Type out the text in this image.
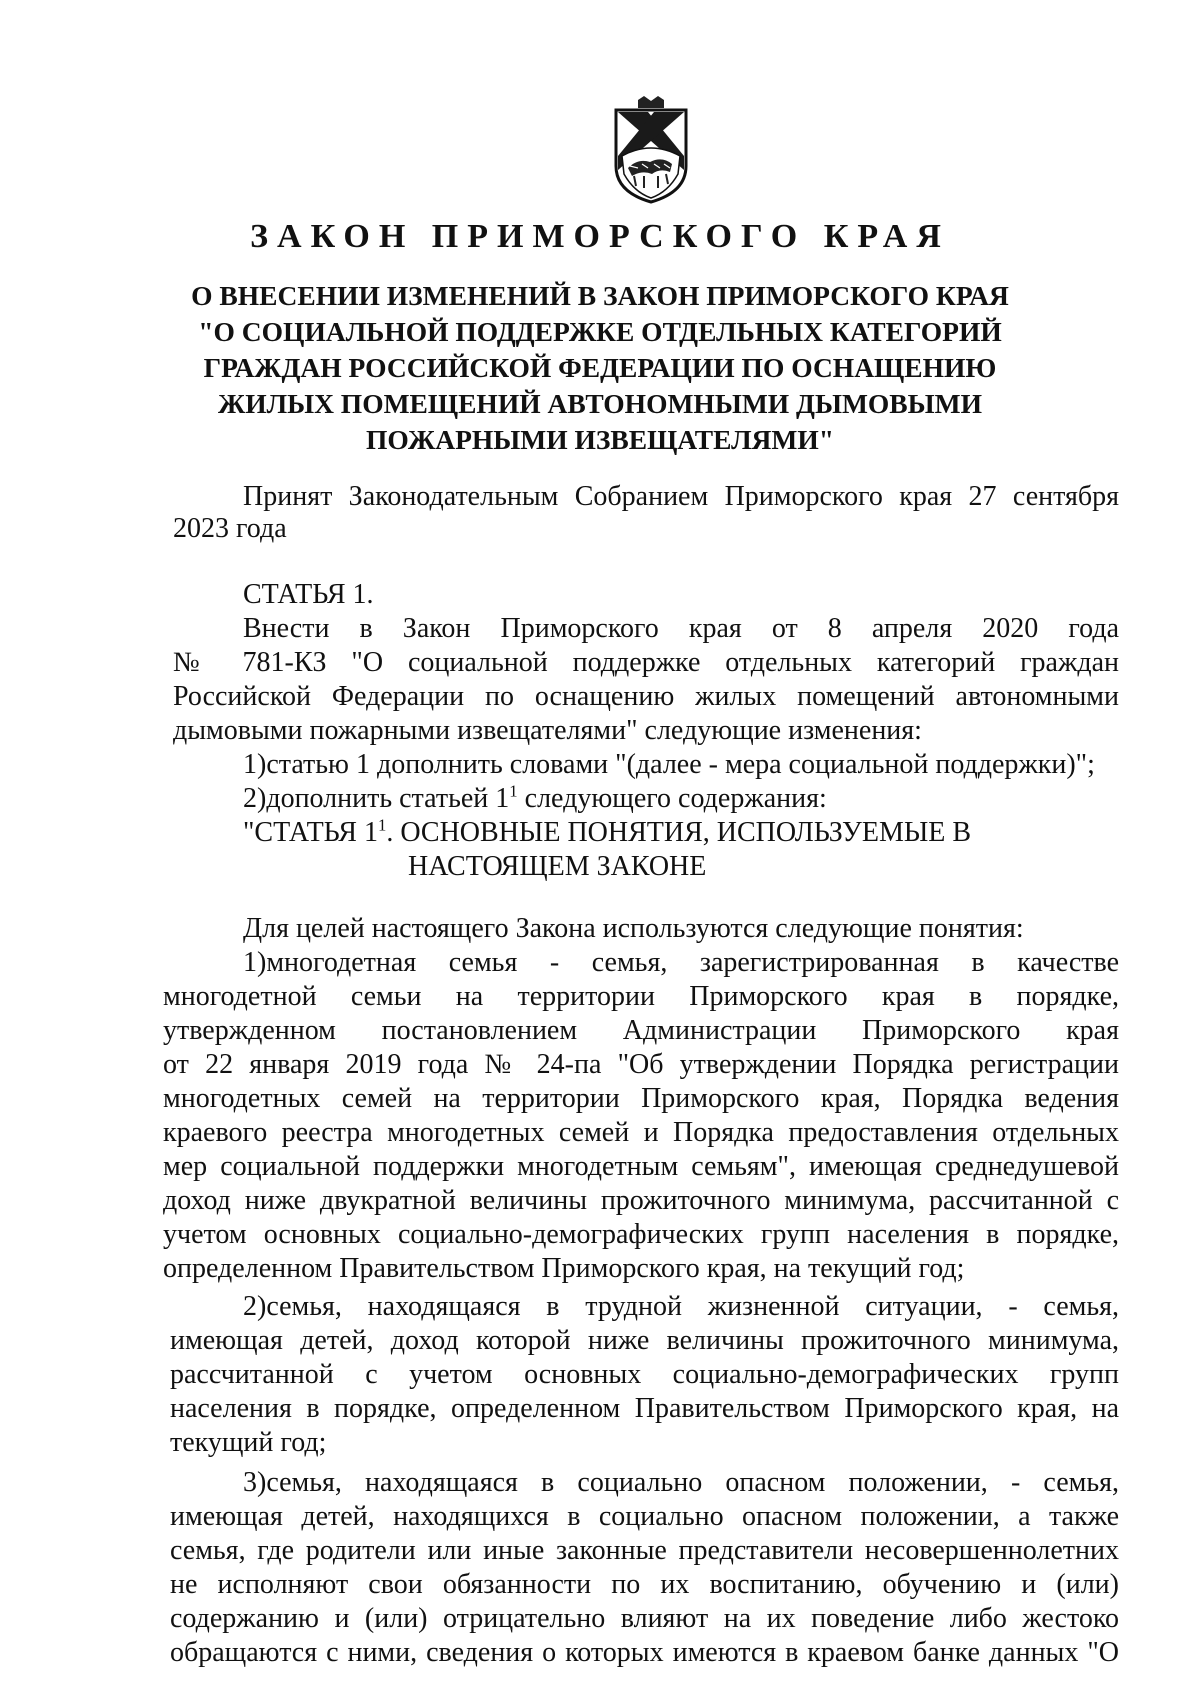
ЗАКОН ПРИМОРСКОГО КРАЯ
О ВНЕСЕНИИ ИЗМЕНЕНИЙ В ЗАКОН ПРИМОРСКОГО КРАЯ
"О СОЦИАЛЬНОЙ ПОДДЕРЖКЕ ОТДЕЛЬНЫХ КАТЕГОРИЙ
ГРАЖДАН РОССИЙСКОЙ ФЕДЕРАЦИИ ПО ОСНАЩЕНИЮ
ЖИЛЫХ ПОМЕЩЕНИЙ АВТОНОМНЫМИ ДЫМОВЫМИ
ПОЖАРНЫМИ ИЗВЕЩАТЕЛЯМИ"
Принят Законодательным Собранием Приморского края 27 сентября
2023 года
СТАТЬЯ 1.
Внести в Закон Приморского края от 8 апреля 2020 года
№ 781-КЗ "О социальной поддержке отдельных категорий граждан
Российской Федерации по оснащению жилых помещений автономными
дымовыми пожарными извещателями" следующие изменения:
1)статью 1 дополнить словами "(далее - мера социальной поддержки)";
2)дополнить статьей $1^1$ следующего содержания:
"СТАТЬЯ $1^1$. ОСНОВНЫЕ ПОНЯТИЯ, ИСПОЛЬЗУЕМЫЕ В
НАСТОЯЩЕМ ЗАКОНЕ
Для целей настоящего Закона используются следующие понятия:
1)многодетная семья - семья, зарегистрированная в качестве
многодетной семьи на территории Приморского края в порядке,
утвержденном постановлением Администрации Приморского края
от 22 января 2019 года № 24-па "Об утверждении Порядка регистрации
многодетных семей на территории Приморского края, Порядка ведения
краевого реестра многодетных семей и Порядка предоставления отдельных
мер социальной поддержки многодетным семьям", имеющая среднедушевой
доход ниже двукратной величины прожиточного минимума, рассчитанной с
учетом основных социально-демографических групп населения в порядке,
определенном Правительством Приморского края, на текущий год;
2)семья, находящаяся в трудной жизненной ситуации, - семья,
имеющая детей, доход которой ниже величины прожиточного минимума,
рассчитанной с учетом основных социально-демографических групп
населения в порядке, определенном Правительством Приморского края, на
текущий год;
3)семья, находящаяся в социально опасном положении, - семья,
имеющая детей, находящихся в социально опасном положении, а также
семья, где родители или иные законные представители несовершеннолетних
не исполняют свои обязанности по их воспитанию, обучению и (или)
содержанию и (или) отрицательно влияют на их поведение либо жестоко
обращаются с ними, сведения о которых имеются в краевом банке данных "О
